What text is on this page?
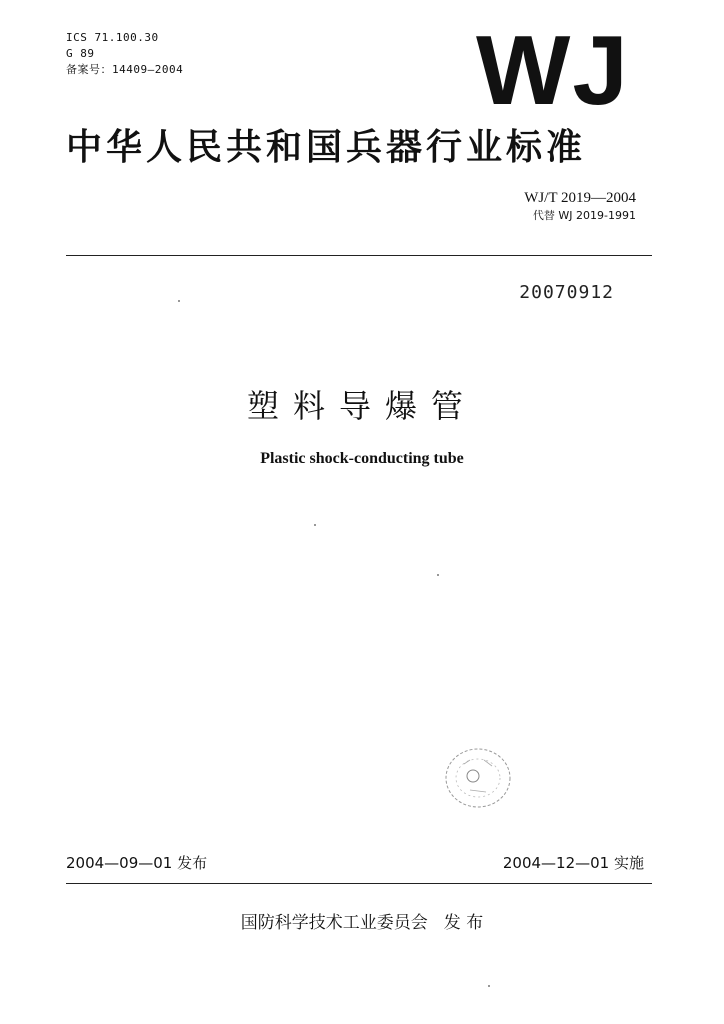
ICS 71.100.30
G 89
备案号：14409—2004	WJ
中华人民共和国兵器行业标准
WJ/T 2019—2004
代替 WJ 2019-1991
20070912
塑料导爆管
Plastic shock-conducting tube
2004—09—01 发布	2004—12—01 实施
国防科学技术工业委员会 发 布
